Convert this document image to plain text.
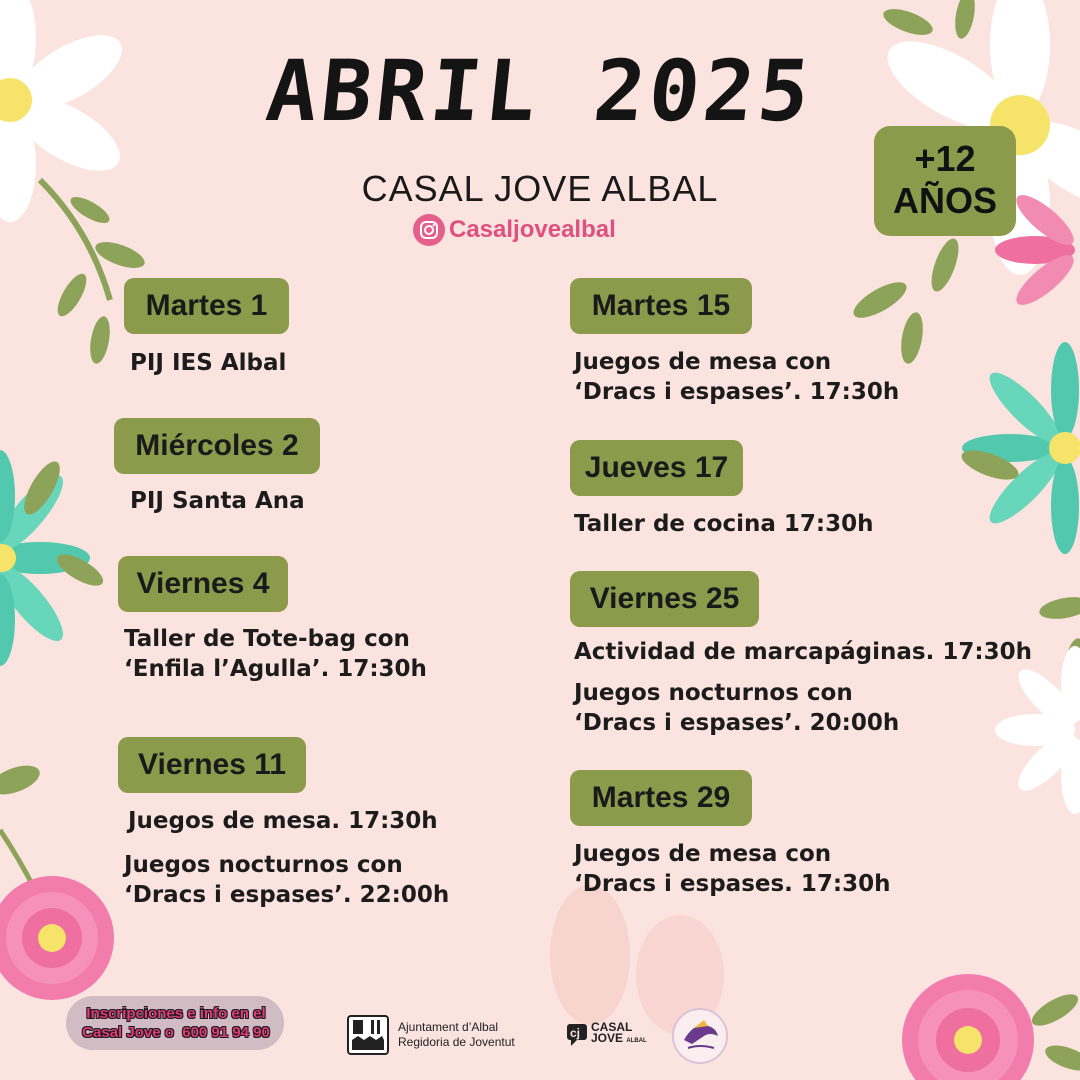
ABRIL 2025
CASAL JOVE ALBAL
Casaljovealbal
+12
AÑOS
Martes 1
PIJ IES Albal
Miércoles 2
PIJ Santa Ana
Viernes 4
Taller de Tote-bag con
‘Enfila l’Agulla’. 17:30h
Viernes 11
Juegos de mesa. 17:30h
Juegos nocturnos con
‘Dracs i espases’. 22:00h
Martes 15
Juegos de mesa con
‘Dracs i espases’. 17:30h
Jueves 17
Taller de cocina 17:30h
Viernes 25
Actividad de marcapáginas. 17:30h
Juegos nocturnos con
‘Dracs i espases’. 20:00h
Martes 29
Juegos de mesa con
‘Dracs i espases. 17:30h
Inscripciones e info en el
Casal Jove o  600 91 94 90	Ajuntament d’Albal
Regidoria de Joventut
cj CASAL
JOVE ALBAL
